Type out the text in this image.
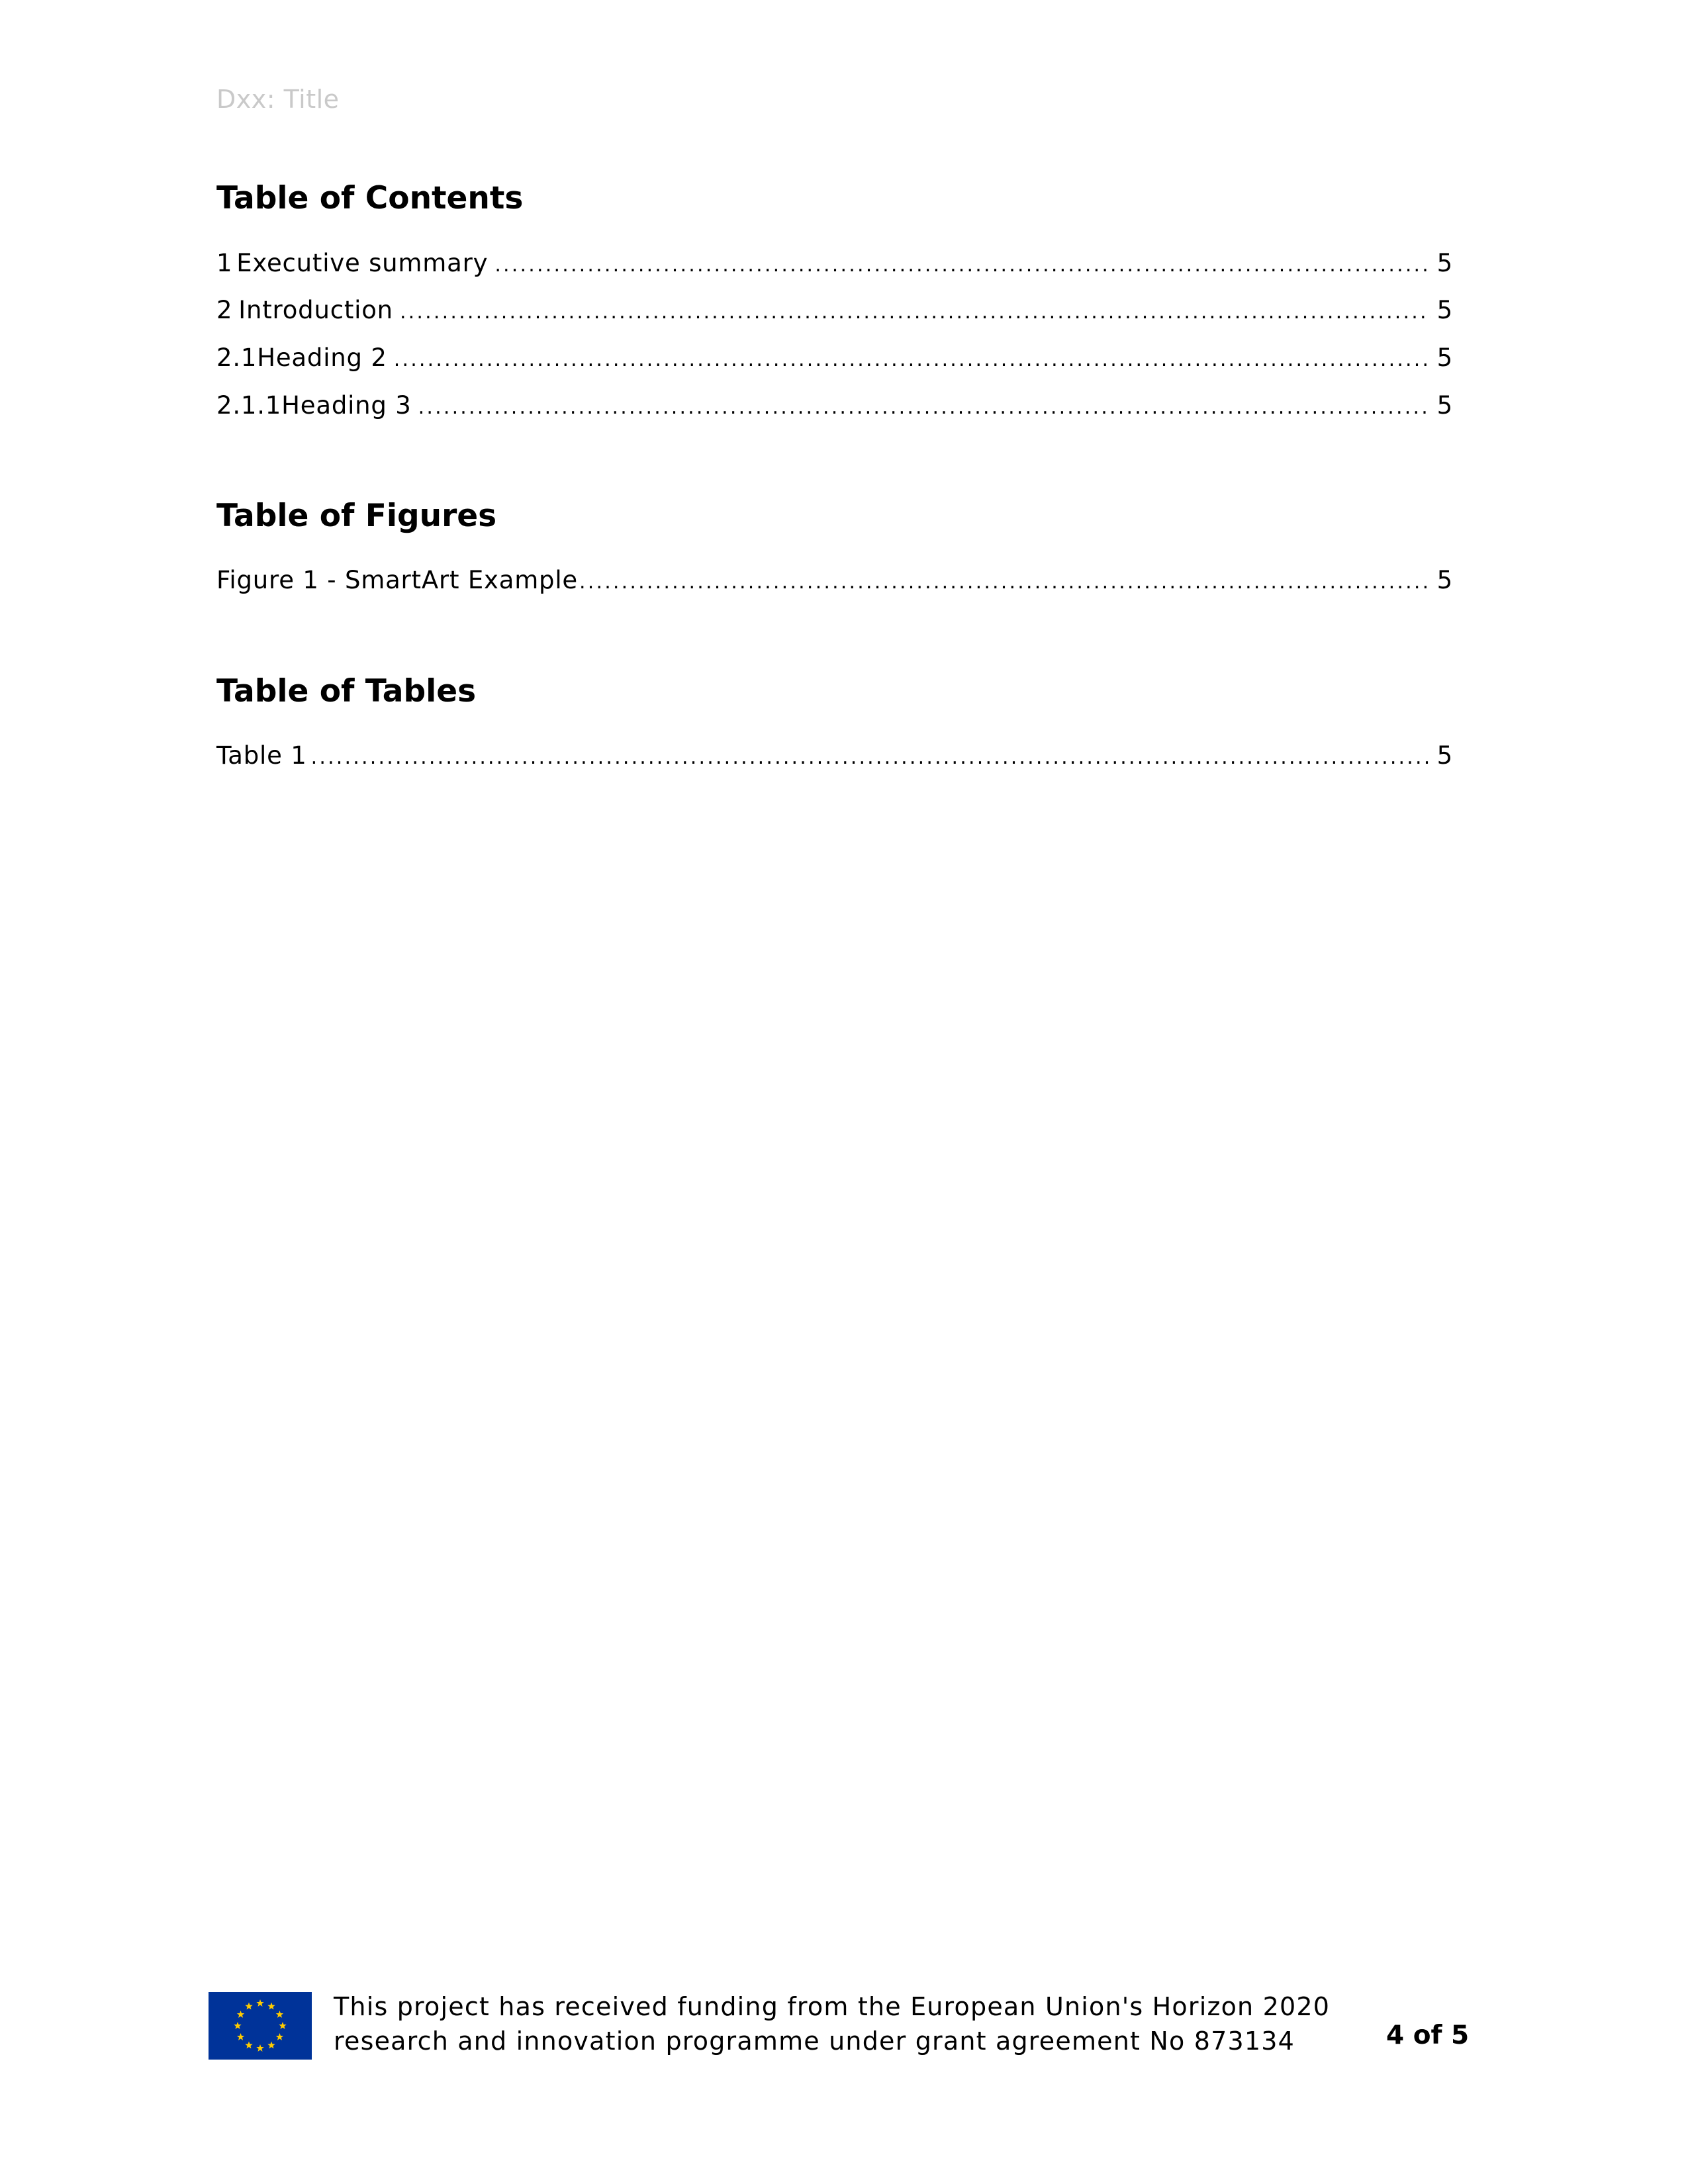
Dxx: Title
Table of Contents
1 Executive summary .....	5
2 Introduction .....	5
2.1 Heading 2 .....	5
2.1.1 Heading 3 .....	5
Table of Figures
Figure 1 - SmartArt Example .....	5
Table of Tables
Table 1 .....	5
This project has received funding from the European Union's Horizon 2020
research and innovation programme under grant agreement No 873134	4 of 5
